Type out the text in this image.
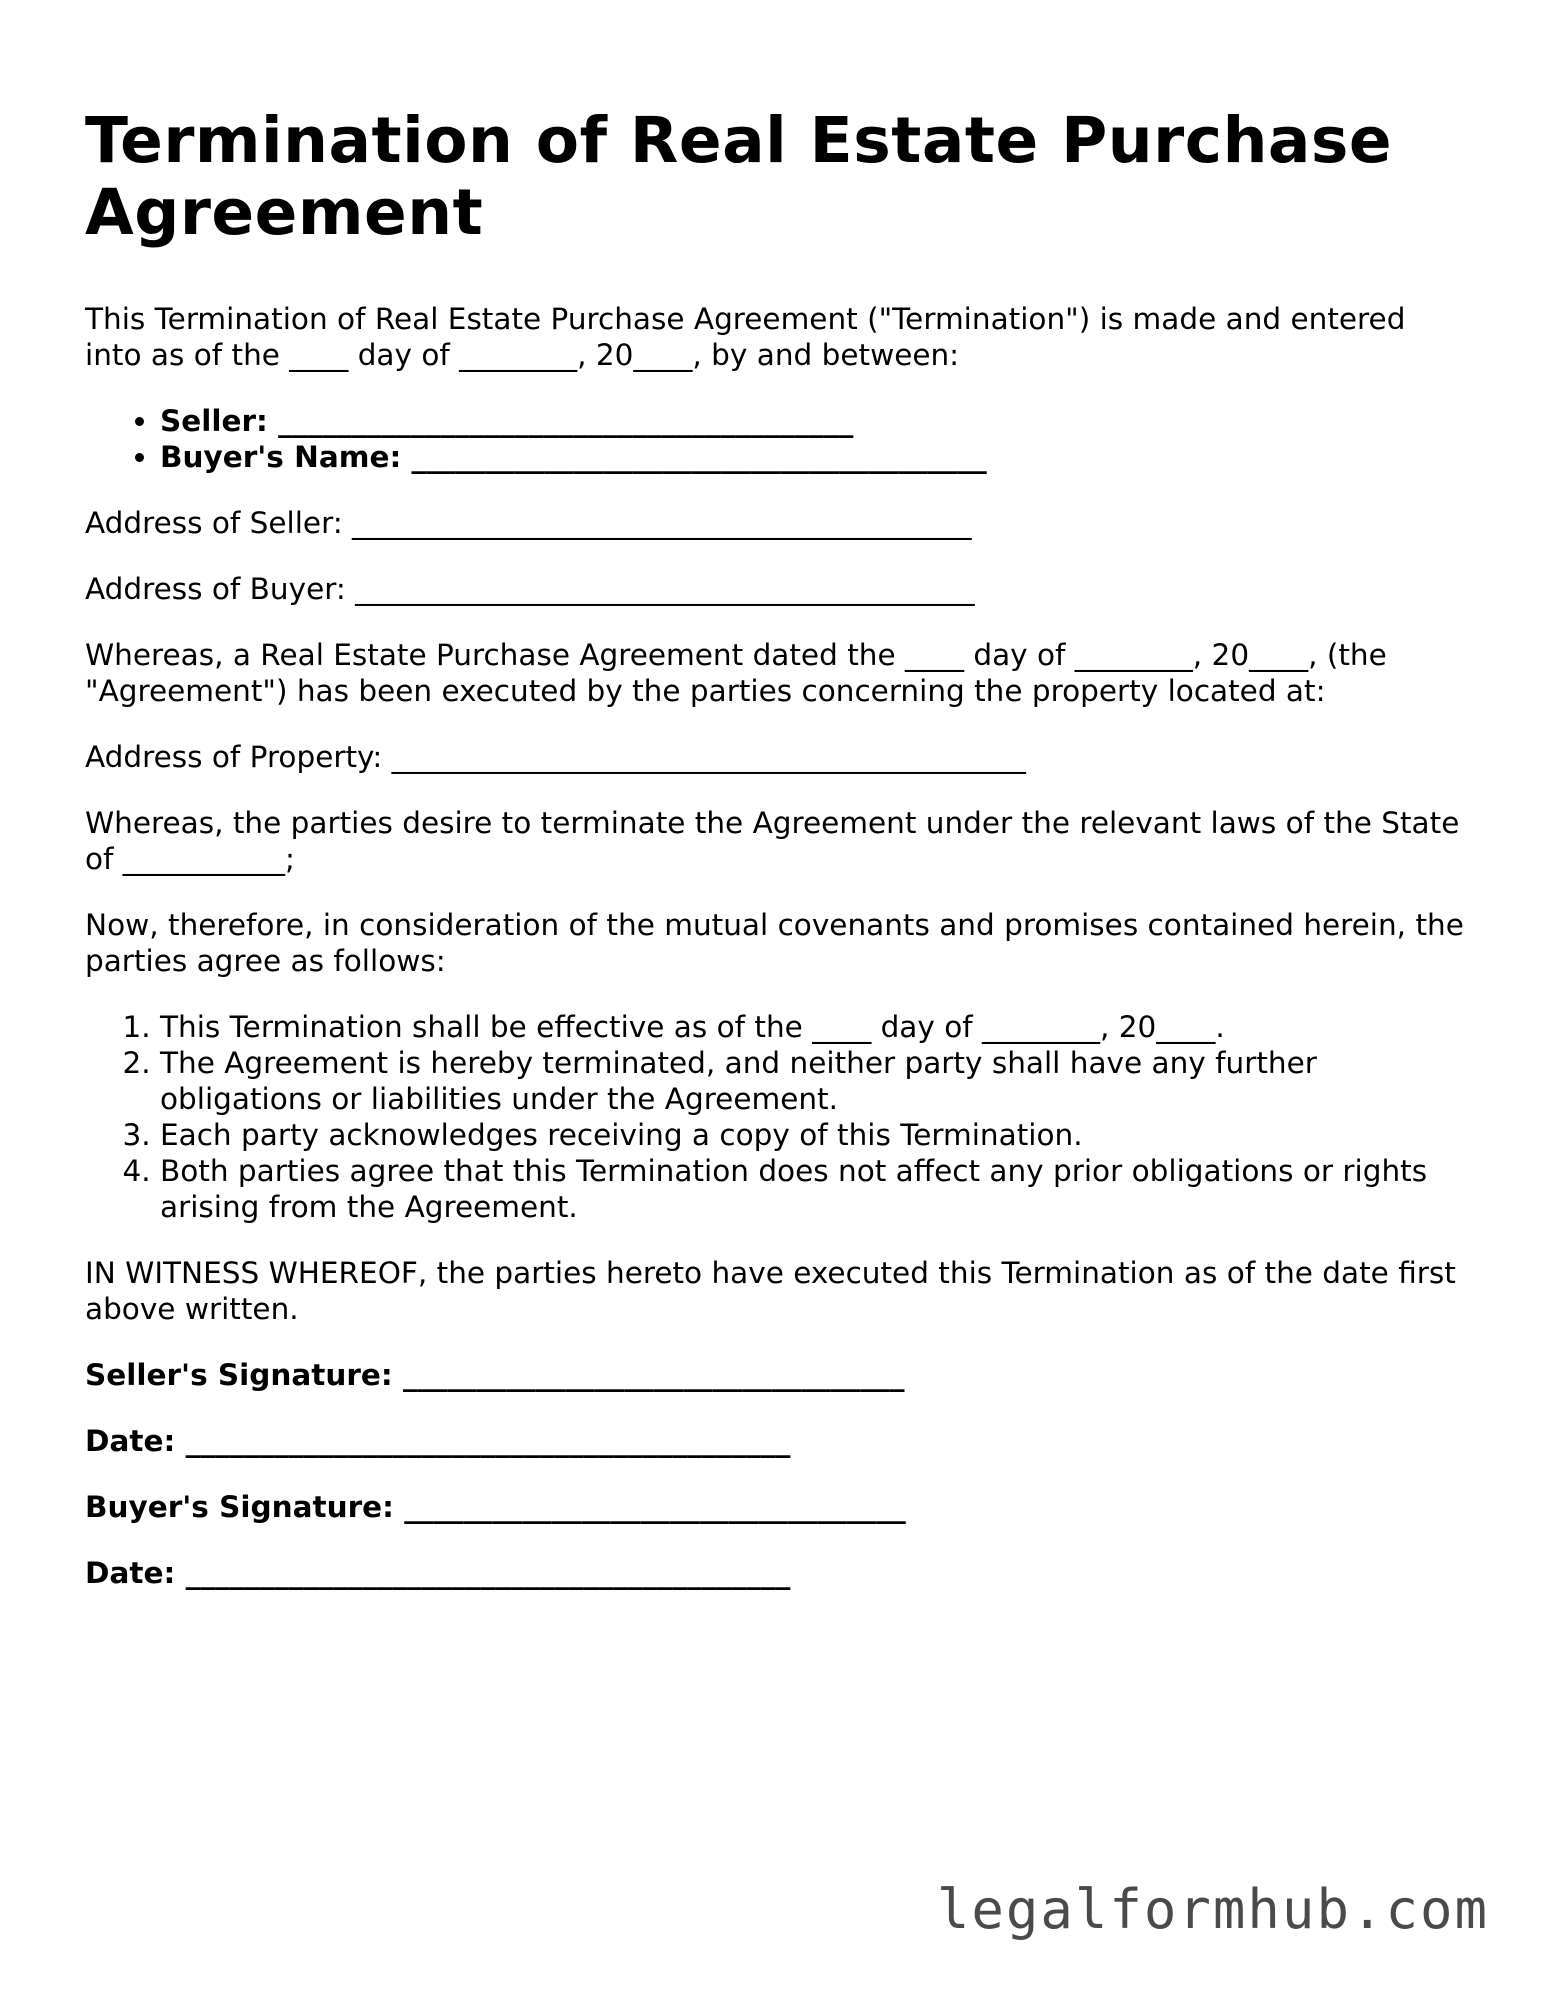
Termination of Real Estate Purchase Agreement

This Termination of Real Estate Purchase Agreement ("Termination") is made and entered into as of the ____ day of ________, 20____, by and between:

• Seller: _______________________________________
• Buyer's Name: _______________________________________

Address of Seller: __________________________________________

Address of Buyer: __________________________________________

Whereas, a Real Estate Purchase Agreement dated the ____ day of ________, 20____, (the "Agreement") has been executed by the parties concerning the property located at:

Address of Property: ___________________________________________

Whereas, the parties desire to terminate the Agreement under the relevant laws of the State of ___________;

Now, therefore, in consideration of the mutual covenants and promises contained herein, the parties agree as follows:

1. This Termination shall be effective as of the ____ day of ________, 20____.
2. The Agreement is hereby terminated, and neither party shall have any further obligations or liabilities under the Agreement.
3. Each party acknowledges receiving a copy of this Termination.
4. Both parties agree that this Termination does not affect any prior obligations or rights arising from the Agreement.

IN WITNESS WHEREOF, the parties hereto have executed this Termination as of the date first above written.

Seller's Signature: __________________________________

Date: _________________________________________

Buyer's Signature: __________________________________

Date: _________________________________________

legalformhub.com
